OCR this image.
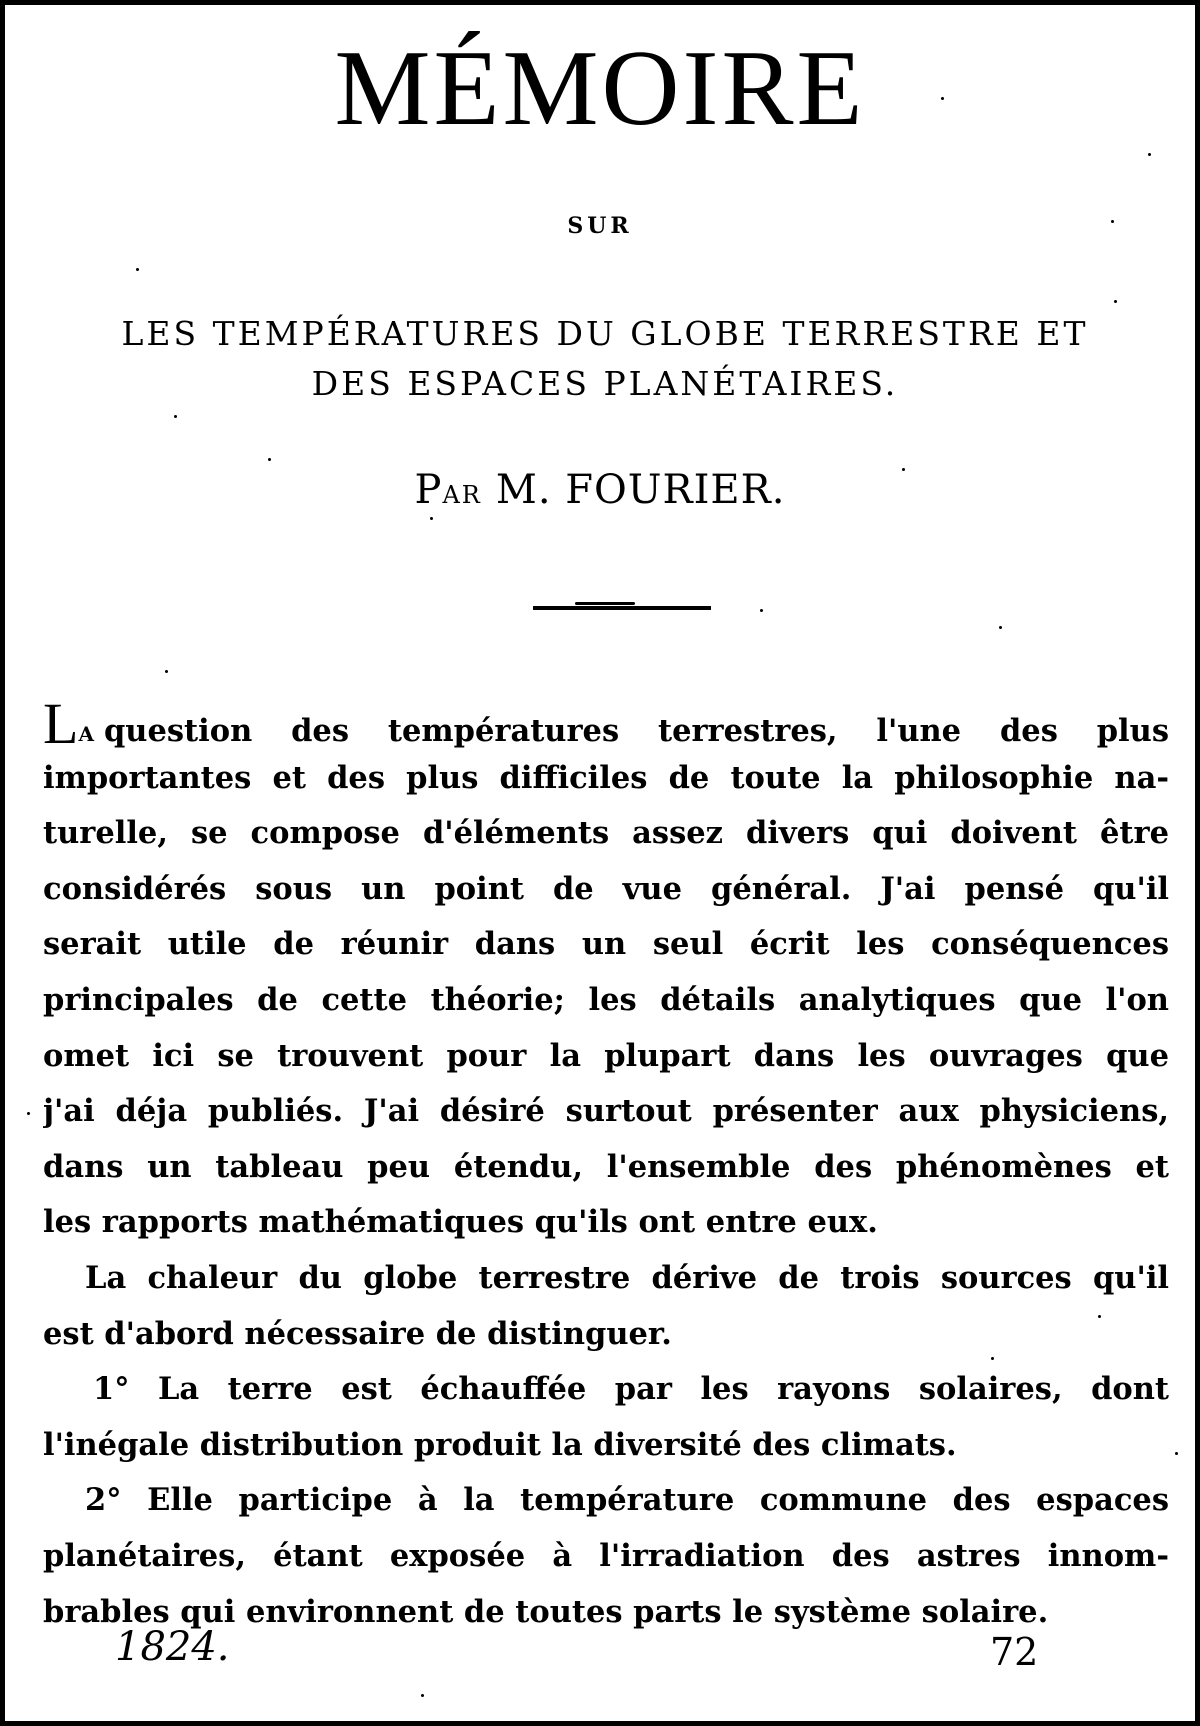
MÉMOIRE
SUR
LES TEMPÉRATURES DU GLOBE TERRESTRE ET
DES ESPACES PLANÉTAIRES.
PAR M. FOURIER.
LA question des températures terrestres, l'une des plus
importantes et des plus difficiles de toute la philosophie na-
turelle, se compose d'éléments assez divers qui doivent être
considérés sous un point de vue général. J'ai pensé qu'il
serait utile de réunir dans un seul écrit les conséquences
principales de cette théorie; les détails analytiques que l'on
omet ici se trouvent pour la plupart dans les ouvrages que
j'ai déja publiés. J'ai désiré surtout présenter aux physiciens,
dans un tableau peu étendu, l'ensemble des phénomènes et
les rapports mathématiques qu'ils ont entre eux.
La chaleur du globe terrestre dérive de trois sources qu'il
est d'abord nécessaire de distinguer.
1° La terre est échauffée par les rayons solaires, dont
l'inégale distribution produit la diversité des climats.
2° Elle participe à la température commune des espaces
planétaires, étant exposée à l'irradiation des astres innom-
brables qui environnent de toutes parts le système solaire.
1824.	72
